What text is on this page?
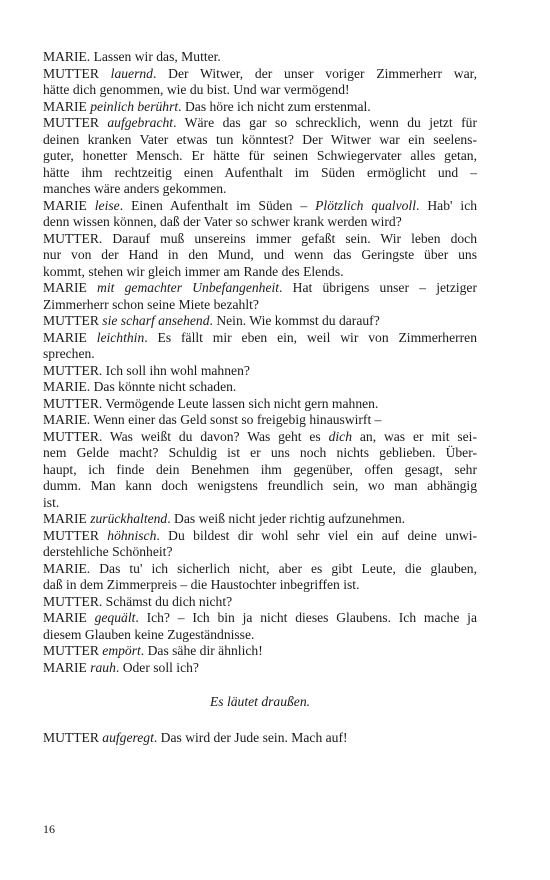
MARIE. Lassen wir das, Mutter.
MUTTER lauernd. Der Witwer, der unser voriger Zimmerherr war,
hätte dich genommen, wie du bist. Und war vermögend!
MARIE peinlich berührt. Das höre ich nicht zum erstenmal.
MUTTER aufgebracht. Wäre das gar so schrecklich, wenn du jetzt für
deinen kranken Vater etwas tun könntest? Der Witwer war ein seelens-
guter, honetter Mensch. Er hätte für seinen Schwiegervater alles getan,
hätte ihm rechtzeitig einen Aufenthalt im Süden ermöglicht und –
manches wäre anders gekommen.
MARIE leise. Einen Aufenthalt im Süden – Plötzlich qualvoll. Hab' ich
denn wissen können, daß der Vater so schwer krank werden wird?
MUTTER. Darauf muß unsereins immer gefaßt sein. Wir leben doch
nur von der Hand in den Mund, und wenn das Geringste über uns
kommt, stehen wir gleich immer am Rande des Elends.
MARIE mit gemachter Unbefangenheit. Hat übrigens unser – jetziger
Zimmerherr schon seine Miete bezahlt?
MUTTER sie scharf ansehend. Nein. Wie kommst du darauf?
MARIE leichthin. Es fällt mir eben ein, weil wir von Zimmerherren
sprechen.
MUTTER. Ich soll ihn wohl mahnen?
MARIE. Das könnte nicht schaden.
MUTTER. Vermögende Leute lassen sich nicht gern mahnen.
MARIE. Wenn einer das Geld sonst so freigebig hinauswirft –
MUTTER. Was weißt du davon? Was geht es dich an, was er mit sei-
nem Gelde macht? Schuldig ist er uns noch nichts geblieben. Über-
haupt, ich finde dein Benehmen ihm gegenüber, offen gesagt, sehr
dumm. Man kann doch wenigstens freundlich sein, wo man abhängig
ist.
MARIE zurückhaltend. Das weiß nicht jeder richtig aufzunehmen.
MUTTER höhnisch. Du bildest dir wohl sehr viel ein auf deine unwi-
derstehliche Schönheit?
MARIE. Das tu' ich sicherlich nicht, aber es gibt Leute, die glauben,
daß in dem Zimmerpreis – die Haustochter inbegriffen ist.
MUTTER. Schämst du dich nicht?
MARIE gequält. Ich? – Ich bin ja nicht dieses Glaubens. Ich mache ja
diesem Glauben keine Zugeständnisse.
MUTTER empört. Das sähe dir ähnlich!
MARIE rauh. Oder soll ich?
Es läutet draußen.
MUTTER aufgeregt. Das wird der Jude sein. Mach auf!
16
